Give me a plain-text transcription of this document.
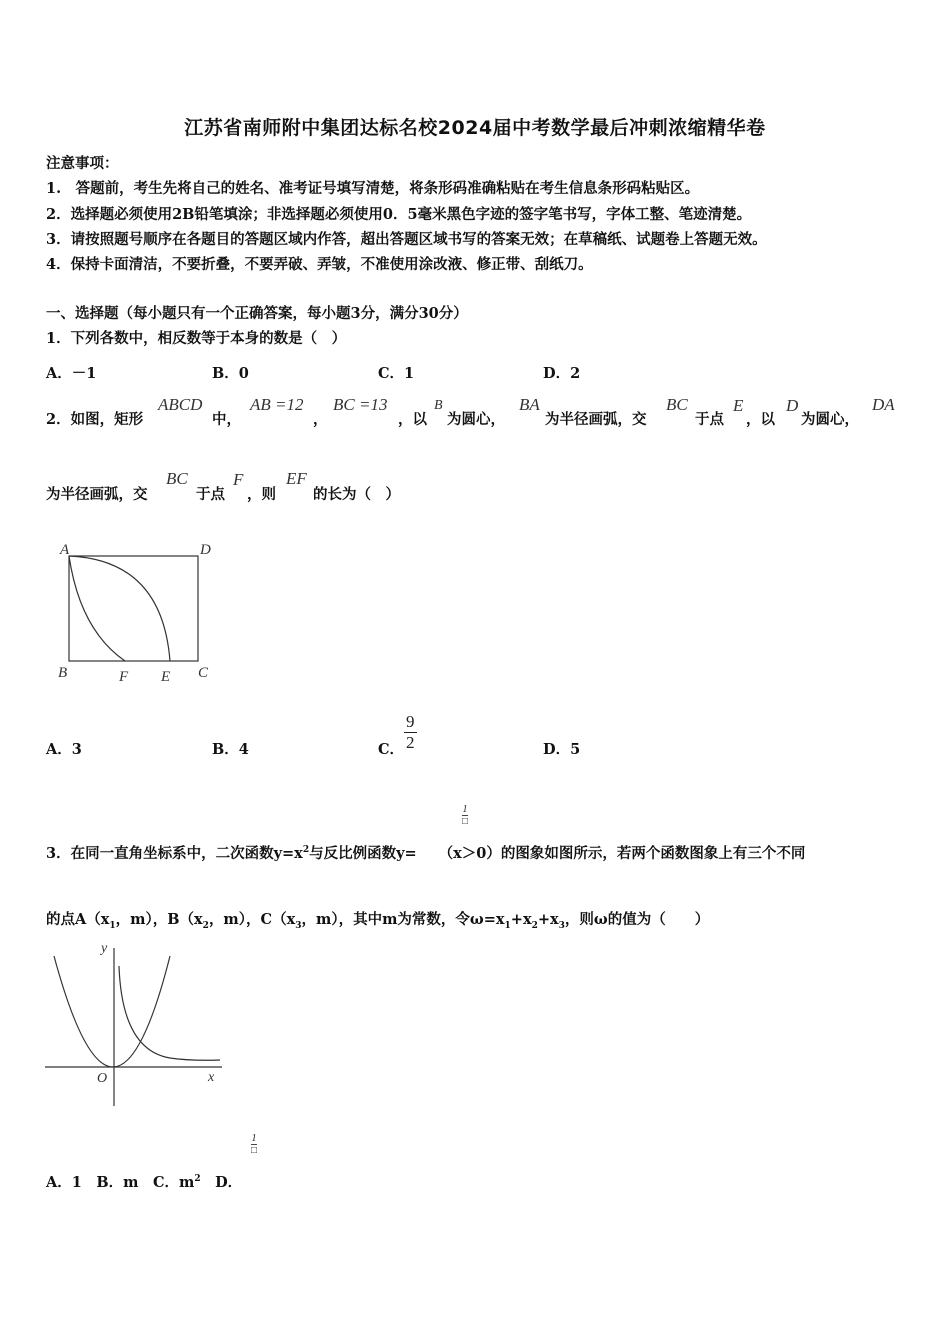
江苏省南师附中集团达标名校2024届中考数学最后冲刺浓缩精华卷
注意事项：
1.　答题前，考生先将自己的姓名、准考证号填写清楚，将条形码准确粘贴在考生信息条形码粘贴区。
2．选择题必须使用2B铅笔填涂；非选择题必须使用0．5毫米黑色字迹的签字笔书写，字体工整、笔迹清楚。
3．请按照题号顺序在各题目的答题区域内作答，超出答题区域书写的答案无效；在草稿纸、试题卷上答题无效。
4．保持卡面清洁，不要折叠，不要弄破、弄皱，不准使用涂改液、修正带、刮纸刀。
一、选择题（每小题只有一个正确答案，每小题3分，满分30分）
1．下列各数中，相反数等于本身的数是（　）
A．－1	B．0	C．1	D．2
2．如图，矩形
ABCD
中，
AB =12
，
BC =13
，以
B
为圆心，
BA
为半径画弧，交
BC
于点
E
，以
D
为圆心，
DA
为半径画弧，交
BC
于点
F
，则
EF
的长为（　）
A	D
B	F E C
A．3	B．4	C． $\frac{9}{2}$	D．5
1
□
3．在同一直角坐标系中，二次函数$y=x^2$与反比例函数y= （x＞0）的图象如图所示，若两个函数图象上有三个不同
的点$A(x_1$，m），$B(x_2$，m），$C(x_3$，m），其中m为常数，令$\omega=x_1+x_2+x_3$，则ω的值为（　　）
y
x
O
1
□
A．1　 B．m　 C．$m^2$　 D．
